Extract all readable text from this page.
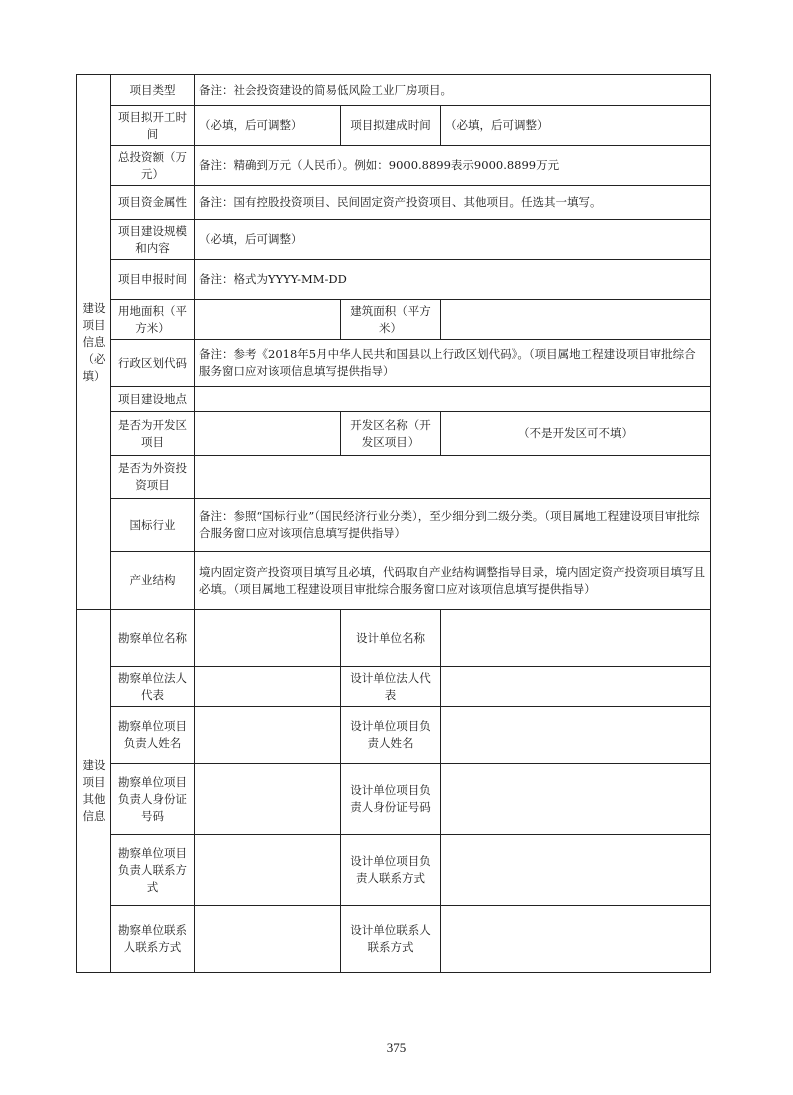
建设项目信息（必填）	项目类型	备注：社会投资建设的简易低风险工业厂房项目。		
	项目拟开工时间	（必填，后可调整）	项目拟建成时间	（必填，后可调整）
	总投资额（万元）	备注：精确到万元（人民币）。例如：9000.8899表示9000.8899万元		
	项目资金属性	备注：国有控股投资项目、民间固定资产投资项目、其他项目。任选其一填写。		
	项目建设规模和内容	（必填，后可调整）		
	项目申报时间	备注：格式为YYYY-MM-DD		
	用地面积（平方米）		建筑面积（平方米）	
	行政区划代码	备注：参考《2018年5月中华人民共和国县以上行政区划代码》。（项目属地工程建设项目审批综合服务窗口应对该项信息填写提供指导）		
	项目建设地点			
	是否为开发区项目		开发区名称（开发区项目）	（不是开发区可不填）
	是否为外资投资项目			
	国标行业	备注：参照“国标行业”（国民经济行业分类），至少细分到二级分类。（项目属地工程建设项目审批综合服务窗口应对该项信息填写提供指导）		
	产业结构	境内固定资产投资项目填写且必填，代码取自产业结构调整指导目录，境内固定资产投资项目填写且必填。（项目属地工程建设项目审批综合服务窗口应对该项信息填写提供指导）		

建设项目其他信息	勘察单位名称		设计单位名称	
	勘察单位法人代表		设计单位法人代表	
	勘察单位项目负责人姓名		设计单位项目负责人姓名	
	勘察单位项目负责人身份证号码		设计单位项目负责人身份证号码	
	勘察单位项目负责人联系方式		设计单位项目负责人联系方式	
	勘察单位联系人联系方式		设计单位联系人联系方式	
375
